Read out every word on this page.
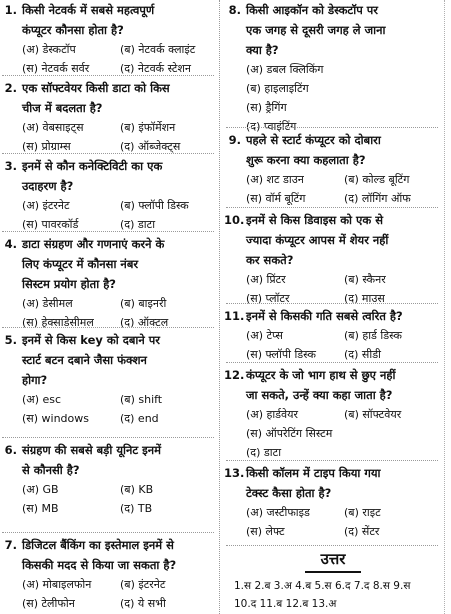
1. किसी नेटवर्क में सबसे महत्वपूर्ण
कंप्यूटर कौनसा होता है?
(अ) डेस्कटॉप	(ब) नेटवर्क क्लाइंट
(स) नेटवर्क सर्वर	(द) नेटवर्क स्टेशन
2. एक सॉफ्टवेयर किसी डाटा को किस
चीज में बदलता है?
(अ) वेबसाइट्स	(ब) इंफॉर्मेशन
(स) प्रोग्राम्स	(द) ऑब्जेक्ट्स
3. इनमें से कौन कनेक्टिविटी का एक
उदाहरण है?
(अ) इंटरनेट	(ब) फ्लॉपी डिस्क
(स) पावरकॉर्ड	(द) डाटा
4. डाटा संग्रहण और गणनाएं करने के
लिए कंप्यूटर में कौनसा नंबर
सिस्टम प्रयोग होता है?
(अ) डेसीमल	(ब) बाइनरी
(स) हेक्साडेसीमल	(द) ऑक्टल
5. इनमें से किस key को दबाने पर
स्टार्ट बटन दबाने जैसा फंक्शन
होगा?
(अ) esc	(ब) shift
(स) windows	(द) end
6. संग्रहण की सबसे बड़ी यूनिट इनमें
से कौनसी है?
(अ) GB	(ब) KB
(स) MB	(द) TB
7. डिजिटल बैंकिंग का इस्तेमाल इनमें से
किसकी मदद से किया जा सकता है?
(अ) मोबाइलफोन	(ब) इंटरनेट
(स) टेलीफोन	(द) ये सभी
8. किसी आइकॉन को डेस्कटॉप पर
एक जगह से दूसरी जगह ले जाना
क्या है?
(अ) डबल क्लिकिंग
(ब) हाइलाइटिंग
(स) ड्रैगिंग
(द) प्वाइंटिंग
9. पहले से स्टार्ट कंप्यूटर को दोबारा
शुरू करना क्या कहलाता है?
(अ) शट डाउन	(ब) कोल्ड बूटिंग
(स) वॉर्म बूटिंग	(द) लॉगिंग ऑफ
10. इनमें से किस डिवाइस को एक से
ज्यादा कंप्यूटर आपस में शेयर नहीं
कर सकते?
(अ) प्रिंटर	(ब) स्कैनर
(स) प्लॉटर	(द) माउस
11. इनमें से किसकी गति सबसे त्वरित है?
(अ) टेप्स	(ब) हार्ड डिस्क
(स) फ्लॉपी डिस्क	(द) सीडी
12. कंप्यूटर के जो भाग हाथ से छुए नहीं
जा सकते, उन्हें क्या कहा जाता है?
(अ) हार्डवेयर	(ब) सॉफ्टवेयर
(स) ऑपरेटिंग सिस्टम
(द) डाटा
13. किसी कॉलम में टाइप किया गया
टेक्स्ट कैसा होता है?
(अ) जस्टीफाइड	(ब) राइट
(स) लेफ्ट	(द) सेंटर
उत्तर
1.स 2.ब 3.अ 4.ब 5.स 6.द 7.द 8.स 9.स
10.द 11.ब 12.ब 13.अ
